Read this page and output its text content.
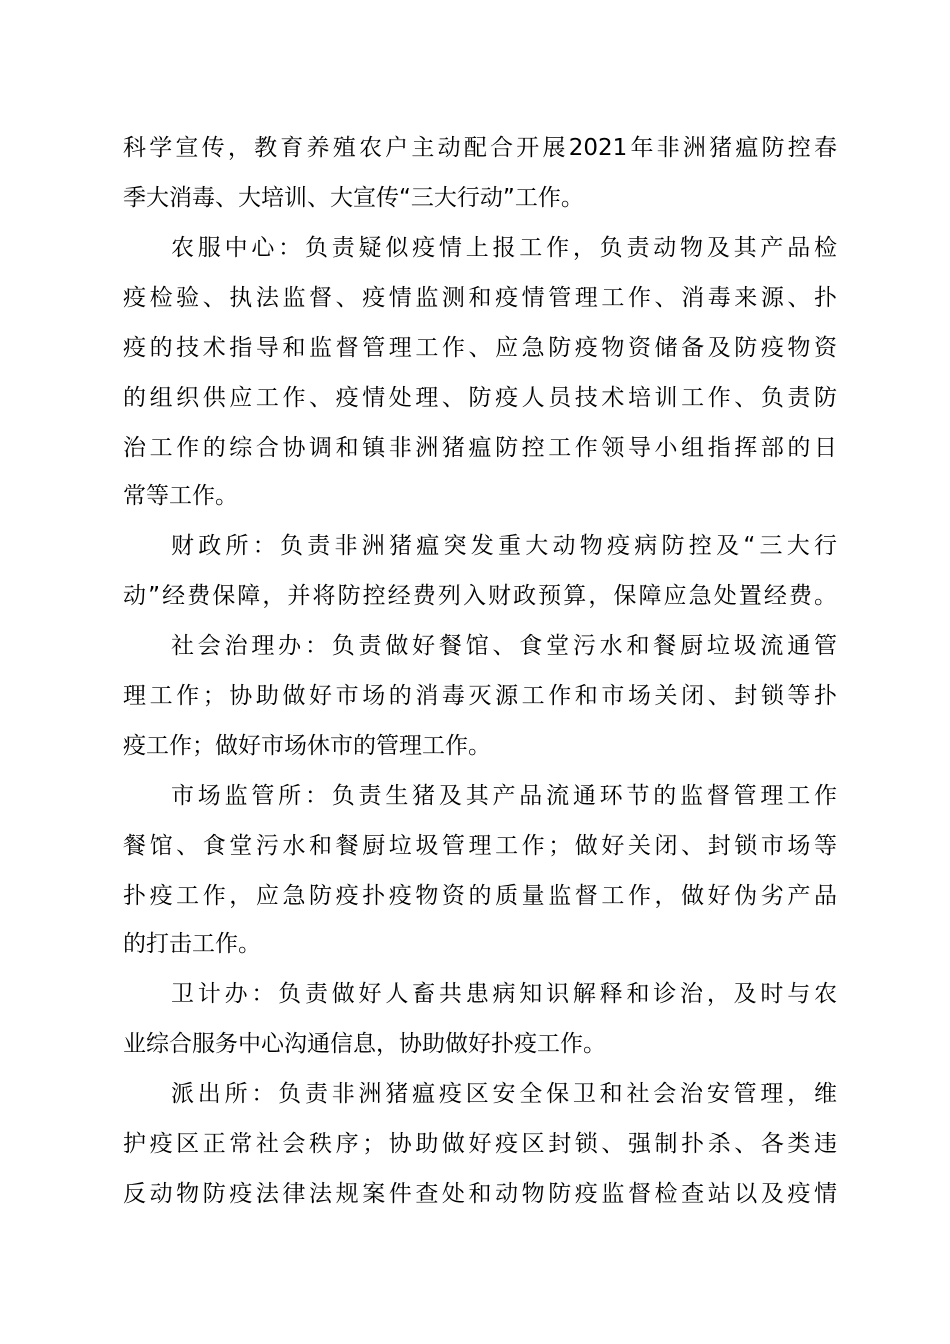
科学宣传，教育养殖农户主动配合开展2021年非洲猪瘟防控春
季大消毒、大培训、大宣传“三大行动”工作。
农服中心：负责疑似疫情上报工作，负责动物及其产品检
疫检验、执法监督、疫情监测和疫情管理工作、消毒来源、扑
疫的技术指导和监督管理工作、应急防疫物资储备及防疫物资
的组织供应工作、疫情处理、防疫人员技术培训工作、负责防
治工作的综合协调和镇非洲猪瘟防控工作领导小组指挥部的日
常等工作。
财政所：负责非洲猪瘟突发重大动物疫病防控及“三大行
动”经费保障，并将防控经费列入财政预算，保障应急处置经费。
社会治理办：负责做好餐馆、食堂污水和餐厨垃圾流通管
理工作；协助做好市场的消毒灭源工作和市场关闭、封锁等扑
疫工作；做好市场休市的管理工作。
市场监管所：负责生猪及其产品流通环节的监督管理工作
餐馆、食堂污水和餐厨垃圾管理工作；做好关闭、封锁市场等
扑疫工作，应急防疫扑疫物资的质量监督工作，做好伪劣产品
的打击工作。
卫计办：负责做好人畜共患病知识解释和诊治，及时与农
业综合服务中心沟通信息，协助做好扑疫工作。
派出所：负责非洲猪瘟疫区安全保卫和社会治安管理，维
护疫区正常社会秩序；协助做好疫区封锁、强制扑杀、各类违
反动物防疫法律法规案件查处和动物防疫监督检查站以及疫情
